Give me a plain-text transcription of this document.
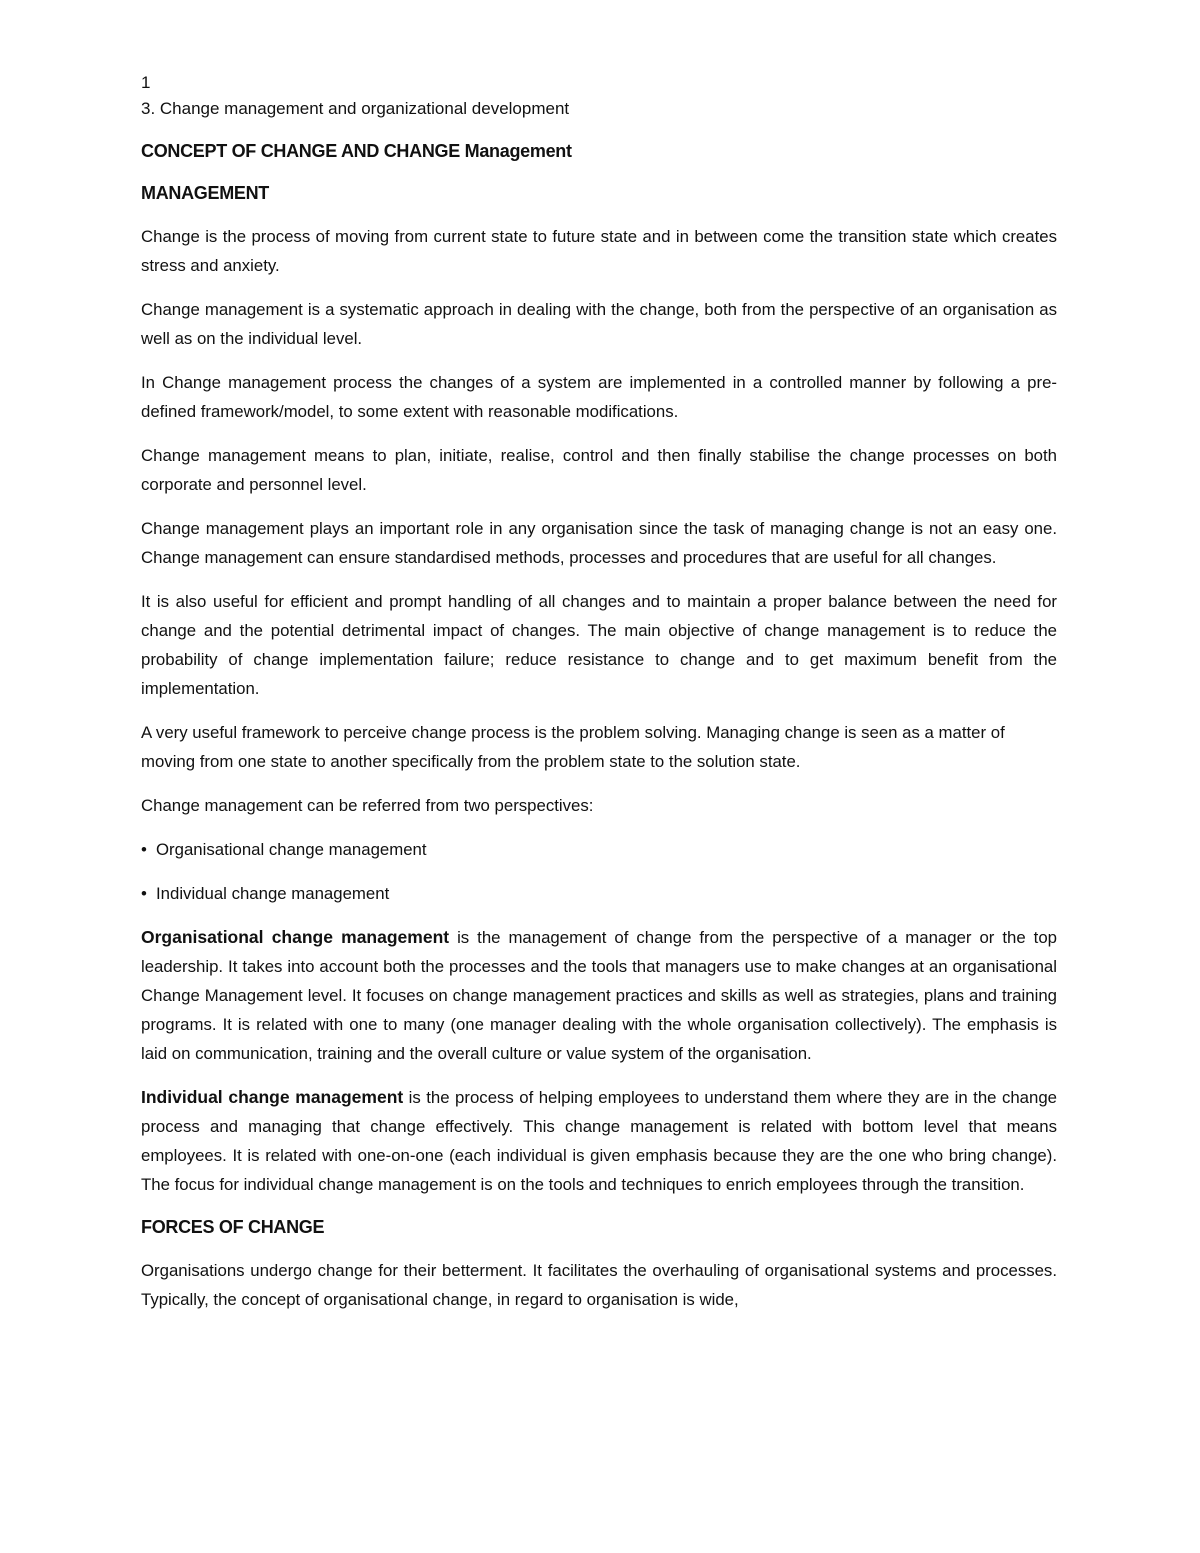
1

3. Change management and organizational development

CONCEPT OF CHANGE AND CHANGE Management

MANAGEMENT

Change is the process of moving from current state to future state and in between come the transition state which creates stress and anxiety.

Change management is a systematic approach in dealing with the change, both from the perspective of an organisation as well as on the individual level.

In Change management process the changes of a system are implemented in a controlled manner by following a pre-defined framework/model, to some extent with reasonable modifications.

Change management means to plan, initiate, realise, control and then finally stabilise the change processes on both corporate and personnel level.

Change management plays an important role in any organisation since the task of managing change is not an easy one. Change management can ensure standardised methods, processes and procedures that are useful for all changes.

It is also useful for efficient and prompt handling of all changes and to maintain a proper balance between the need for change and the potential detrimental impact of changes. The main objective of change management is to reduce the probability of change implementation failure; reduce resistance to change and to get maximum benefit from the implementation.

A very useful framework to perceive change process is the problem solving. Managing change is seen as a matter of moving from one state to another specifically from the problem state to the solution state.

Change management can be referred from two perspectives:

• Organisational change management
• Individual change management

Organisational change management is the management of change from the perspective of a manager or the top leadership. It takes into account both the processes and the tools that managers use to make changes at an organisational Change Management level. It focuses on change management practices and skills as well as strategies, plans and training programs. It is related with one to many (one manager dealing with the whole organisation collectively). The emphasis is laid on communication, training and the overall culture or value system of the organisation.

Individual change management is the process of helping employees to understand them where they are in the change process and managing that change effectively. This change management is related with bottom level that means employees. It is related with one-on-one (each individual is given emphasis because they are the one who bring change). The focus for individual change management is on the tools and techniques to enrich employees through the transition.

FORCES OF CHANGE

Organisations undergo change for their betterment. It facilitates the overhauling of organisational systems and processes. Typically, the concept of organisational change, in regard to organisation is wide,
